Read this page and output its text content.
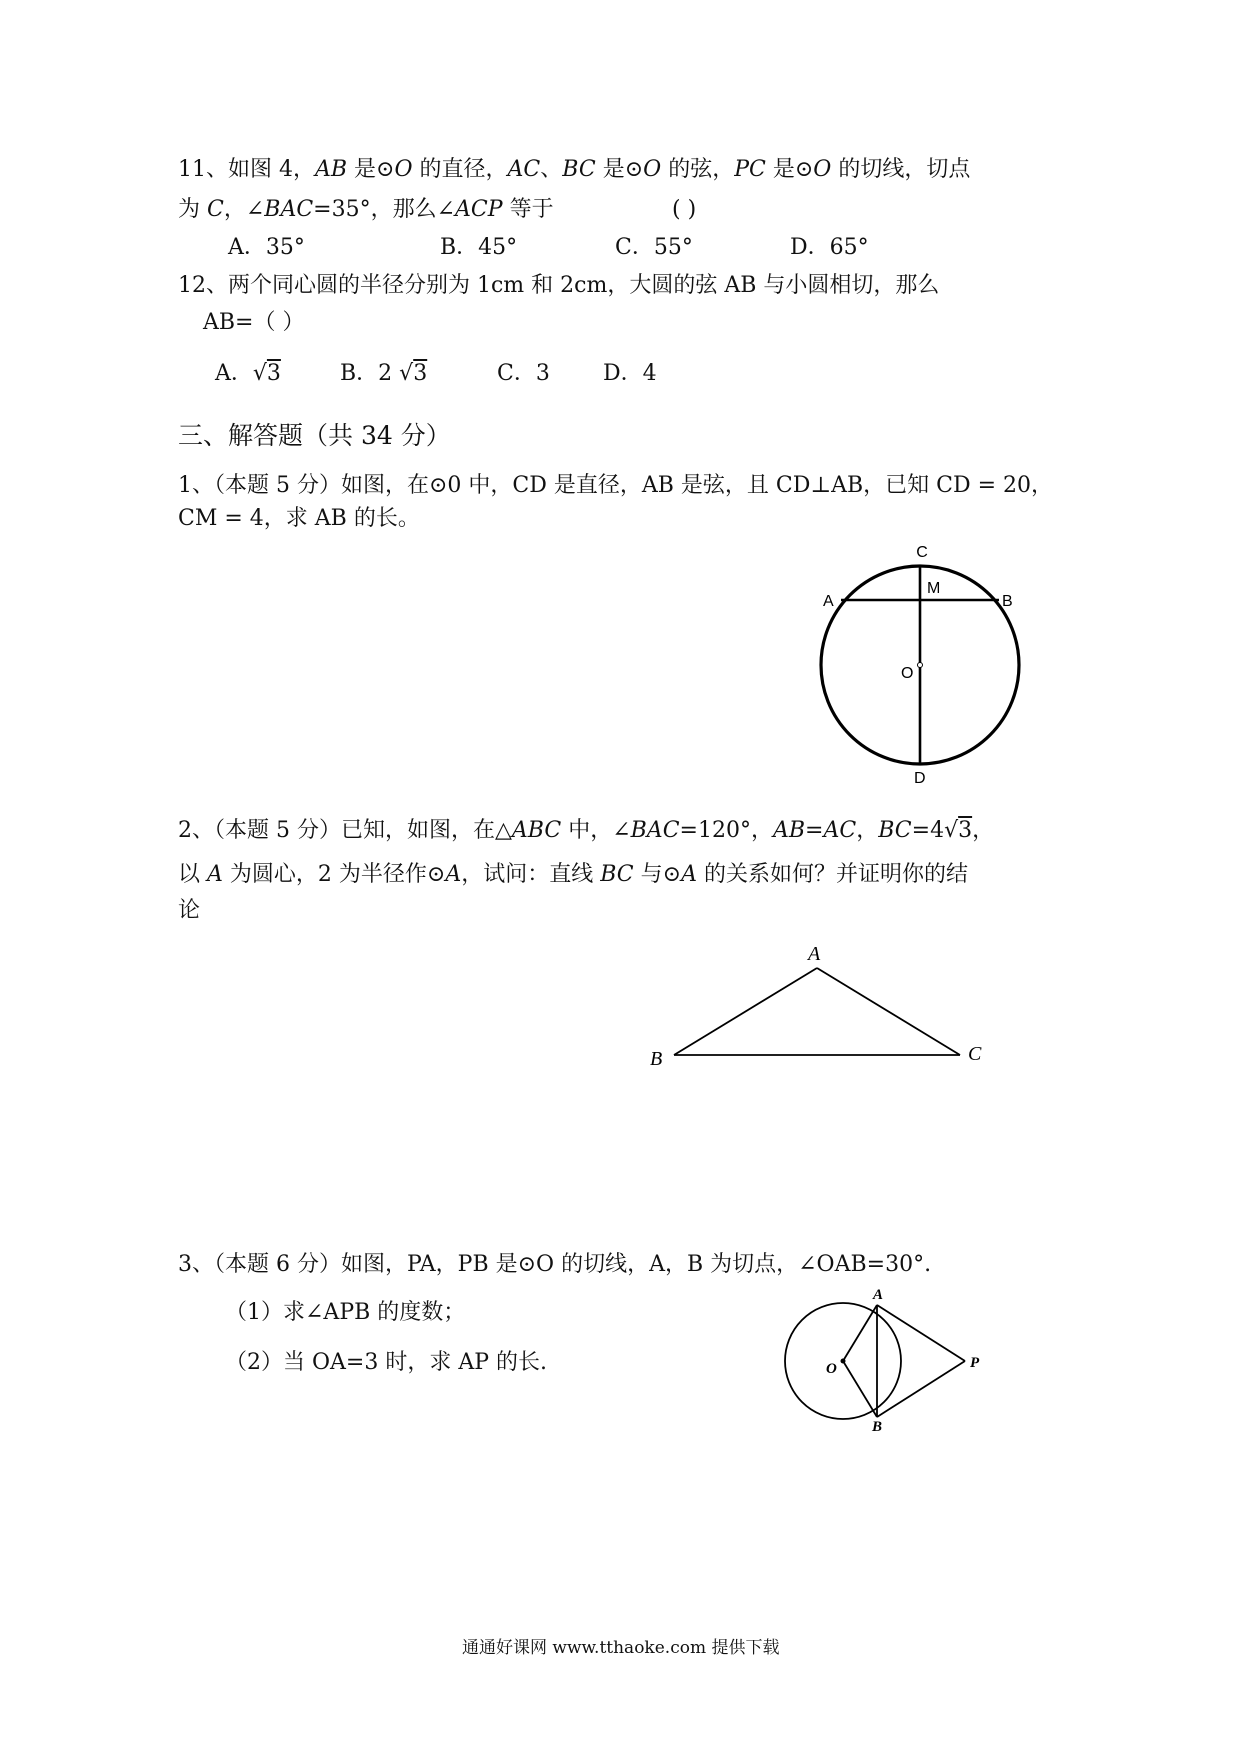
11、如图 4，AB 是⊙O 的直径，AC、BC 是⊙O 的弦，PC 是⊙O 的切线，切点
为 C，∠BAC=35°，那么∠ACP 等于	( )
A．35°	B．45°	C．55°	D．65°
12、两个同心圆的半径分别为 1cm 和 2cm，大圆的弦 AB 与小圆相切，那么
AB=（ ）
A．√3	B．2 √3	C．3 D．4
三、解答题（共 34 分）
1、（本题 5 分）如图，在⊙0 中，CD 是直径，AB 是弦，且 CD⊥AB，已知 CD = 20，
CM = 4，求 AB 的长。
C
M
A	B
O
D
2、（本题 5 分）已知，如图，在△ABC 中，∠BAC=120°，AB=AC，BC=4√3，
以 A 为圆心，2 为半径作⊙A，试问：直线 BC 与⊙A 的关系如何？并证明你的结
论
A
B	C
3、（本题 6 分）如图，PA，PB 是⊙O 的切线，A，B 为切点，∠OAB=30°.
（1）求∠APB 的度数；
（2）当 OA=3 时，求 AP 的长.
A
B
O	P
通通好课网 www.tthaoke.com 提供下载
